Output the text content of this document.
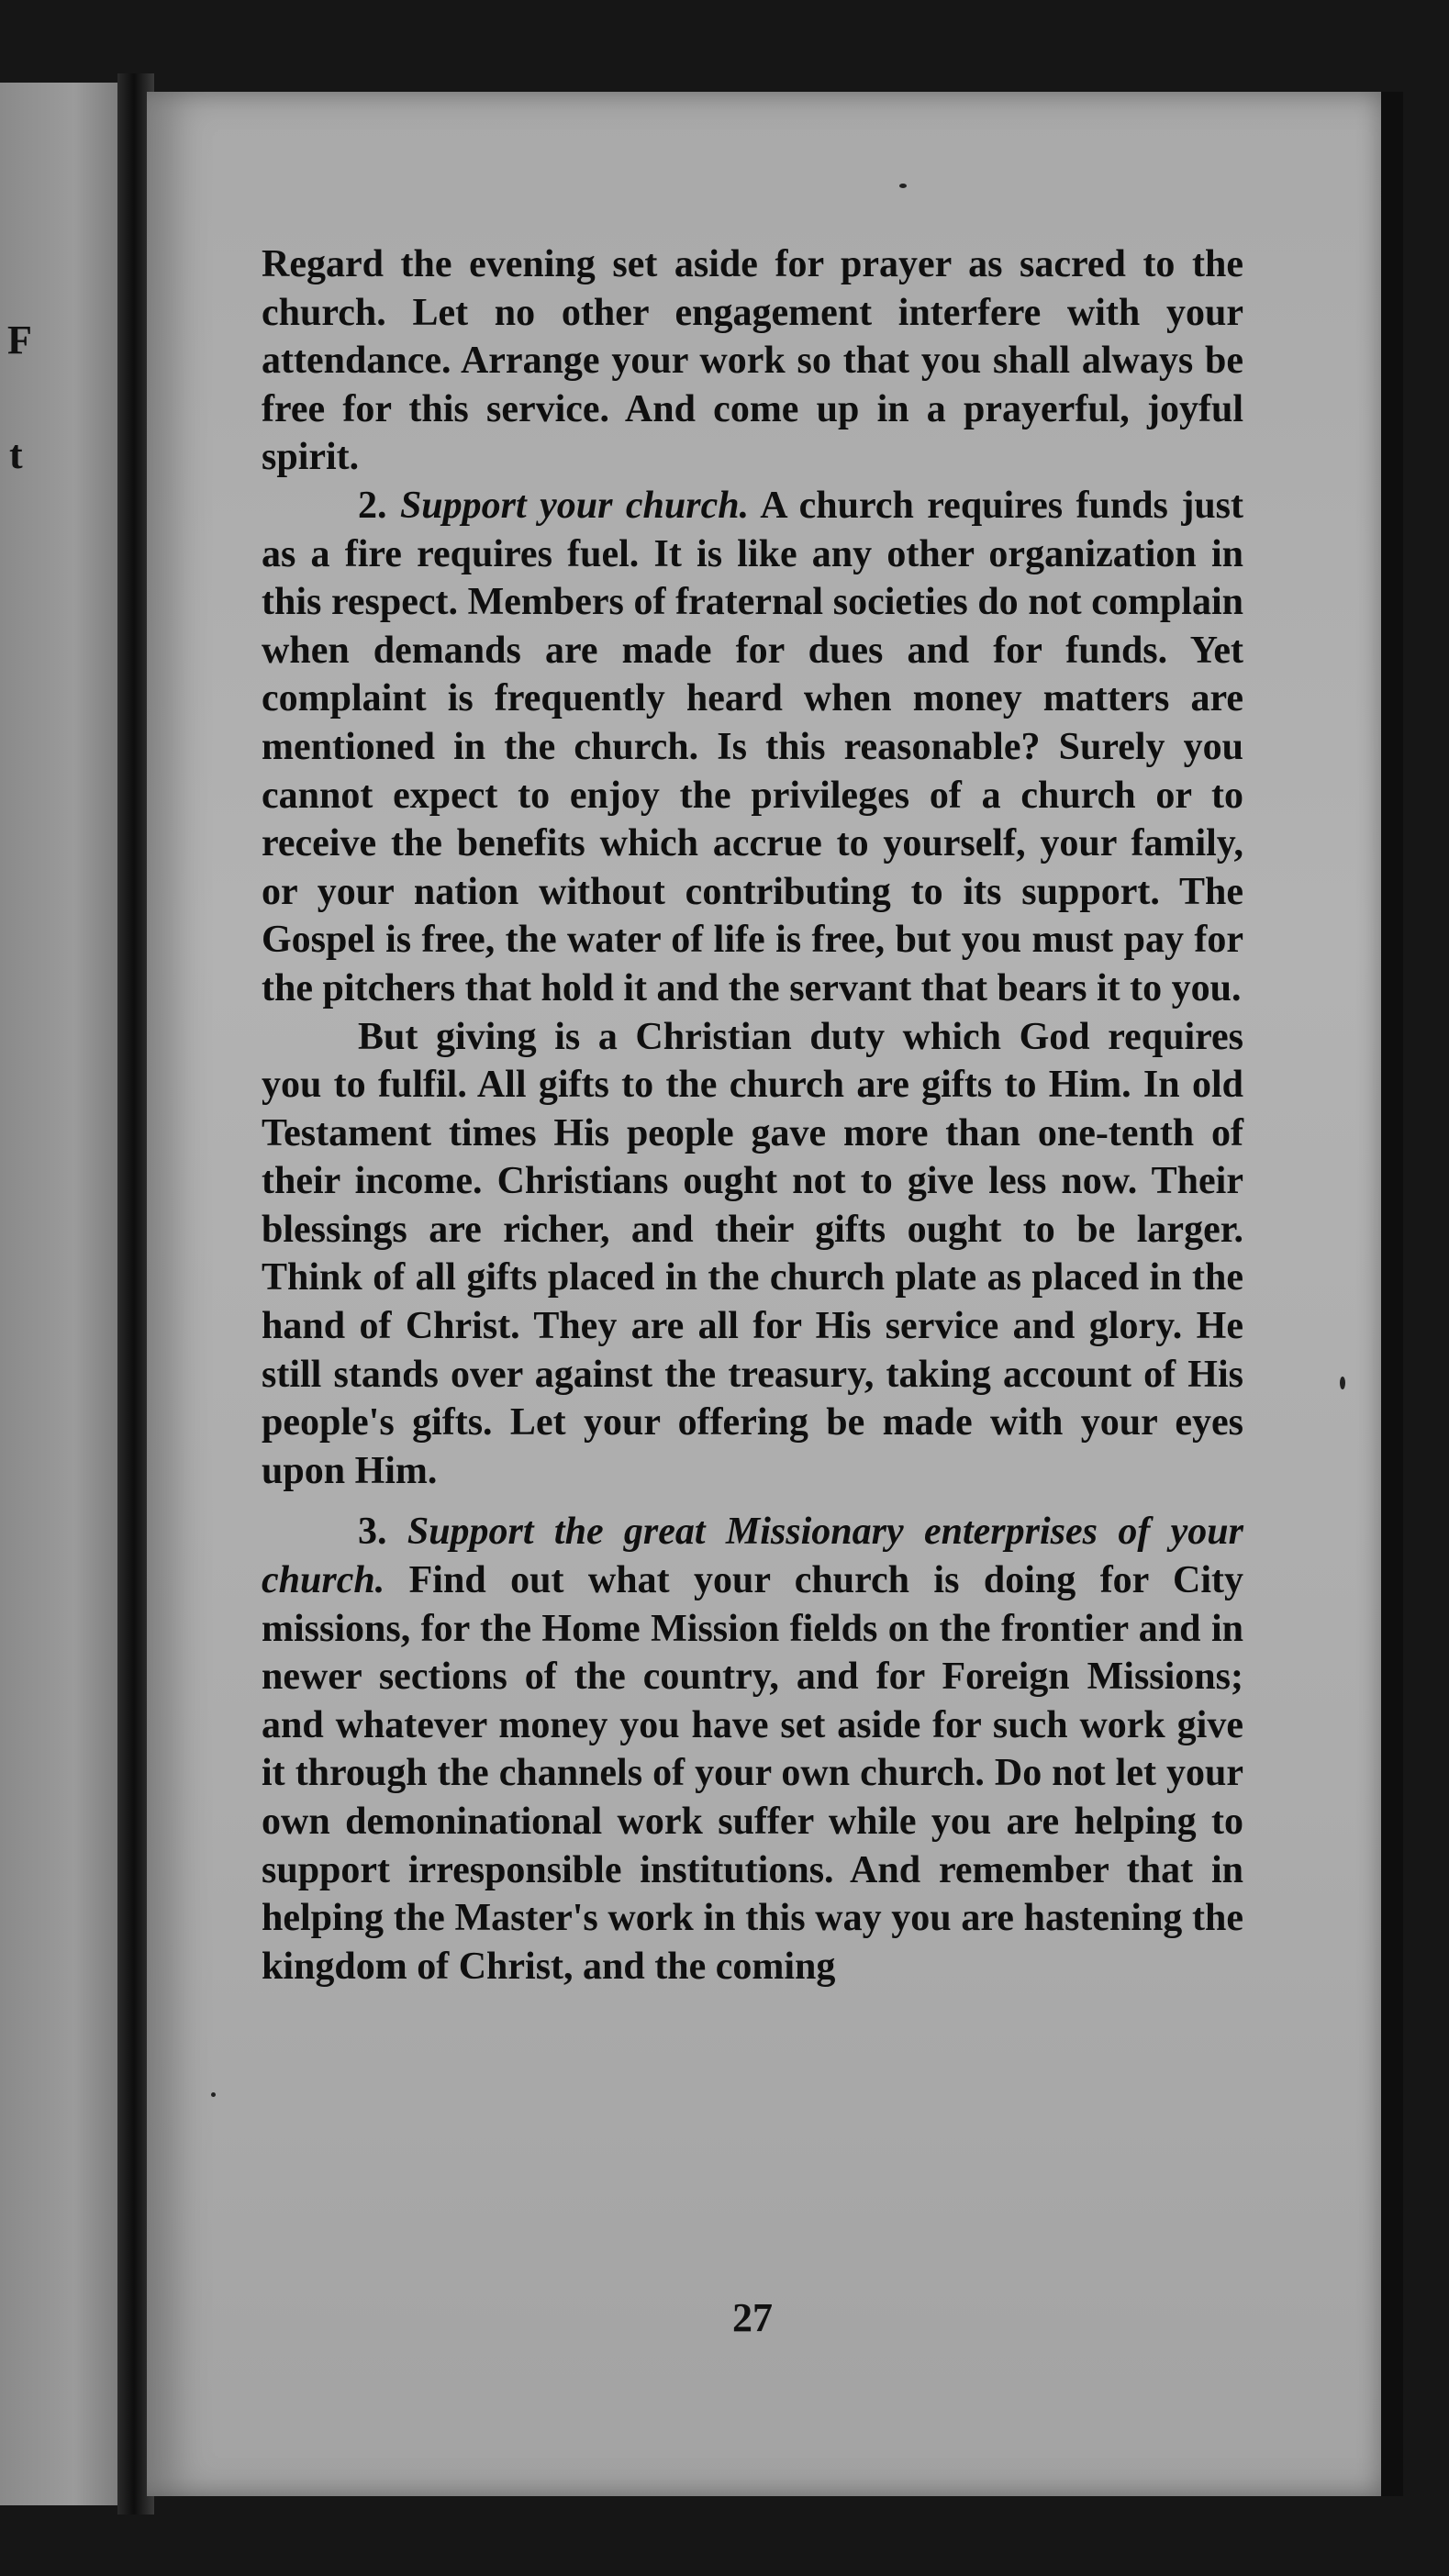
F
t

Regard the evening set aside for prayer as sacred to the church. Let no other engagement interfere with your attendance. Arrange your work so that you shall always be free for this service. And come up in a prayerful, joyful spirit.

2. Support your church. A church requires funds just as a fire requires fuel. It is like any other organization in this respect. Members of fraternal societies do not complain when demands are made for dues and for funds. Yet complaint is frequently heard when money matters are mentioned in the church. Is this reasonable? Surely you cannot expect to enjoy the privileges of a church or to receive the benefits which accrue to yourself, your family, or your nation without contributing to its support. The Gospel is free, the water of life is free, but you must pay for the pitchers that hold it and the servant that bears it to you.

But giving is a Christian duty which God requires you to fulfil. All gifts to the church are gifts to Him. In old Testament times His people gave more than one-tenth of their income. Christians ought not to give less now. Their blessings are richer, and their gifts ought to be larger. Think of all gifts placed in the church plate as placed in the hand of Christ. They are all for His service and glory. He still stands over against the treasury, taking account of His people's gifts. Let your offering be made with your eyes upon Him.

3. Support the great Missionary enterprises of your church. Find out what your church is doing for City missions, for the Home Mission fields on the frontier and in newer sections of the country, and for Foreign Missions; and whatever money you have set aside for such work give it through the channels of your own church. Do not let your own demoninational work suffer while you are helping to support irresponsible institutions. And remember that in helping the Master's work in this way you are hastening the kingdom of Christ, and the coming

27
